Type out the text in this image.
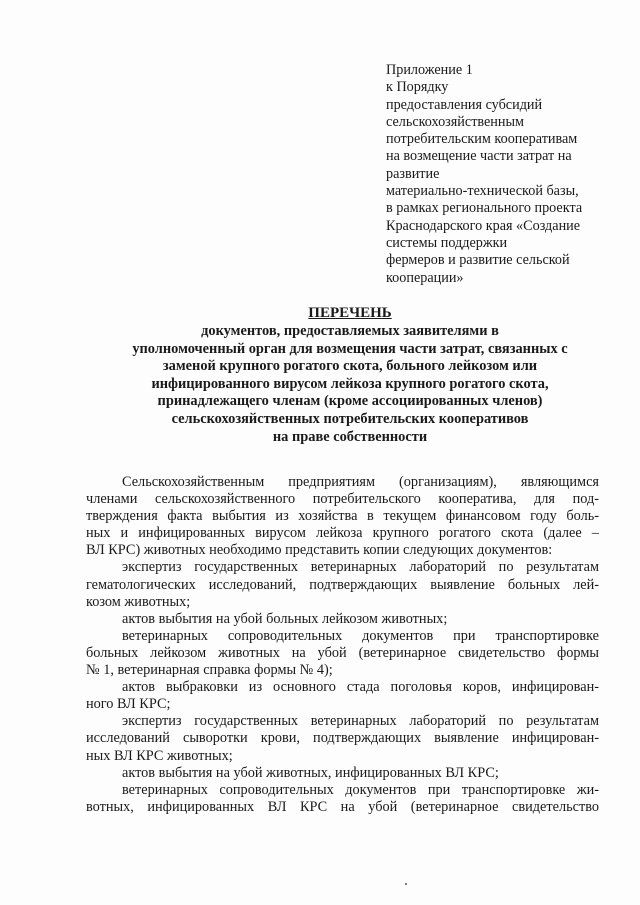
Приложение 1
к Порядку
предоставления субсидий
сельскохозяйственным
потребительским кооперативам
на возмещение части затрат на
развитие
материально-технической базы,
в рамках регионального проекта
Краснодарского края «Создание
системы поддержки
фермеров и развитие сельской
кооперации»
ПЕРЕЧЕНЬ
документов, предоставляемых заявителями в
уполномоченный орган для возмещения части затрат, связанных с
заменой крупного рогатого скота, больного лейкозом или
инфицированного вирусом лейкоза крупного рогатого скота,
принадлежащего членам (кроме ассоциированных членов)
сельскохозяйственных потребительских кооперативов
на праве собственности
Сельскохозяйственным предприятиям (организациям), являющимся
членами сельскохозяйственного потребительского кооператива, для под-
тверждения факта выбытия из хозяйства в текущем финансовом году боль-
ных и инфицированных вирусом лейкоза крупного рогатого скота (далее –
ВЛ КРС) животных необходимо представить копии следующих документов:
экспертиз государственных ветеринарных лабораторий по результатам
гематологических исследований, подтверждающих выявление больных лей-
козом животных;
актов выбытия на убой больных лейкозом животных;
ветеринарных сопроводительных документов при транспортировке
больных лейкозом животных на убой (ветеринарное свидетельство формы
№ 1, ветеринарная справка формы № 4);
актов выбраковки из основного стада поголовья коров, инфицирован-
ного ВЛ КРС;
экспертиз государственных ветеринарных лабораторий по результатам
исследований сыворотки крови, подтверждающих выявление инфицирован-
ных ВЛ КРС животных;
актов выбытия на убой животных, инфицированных ВЛ КРС;
ветеринарных сопроводительных документов при транспортировке жи-
вотных, инфицированных ВЛ КРС на убой (ветеринарное свидетельство
